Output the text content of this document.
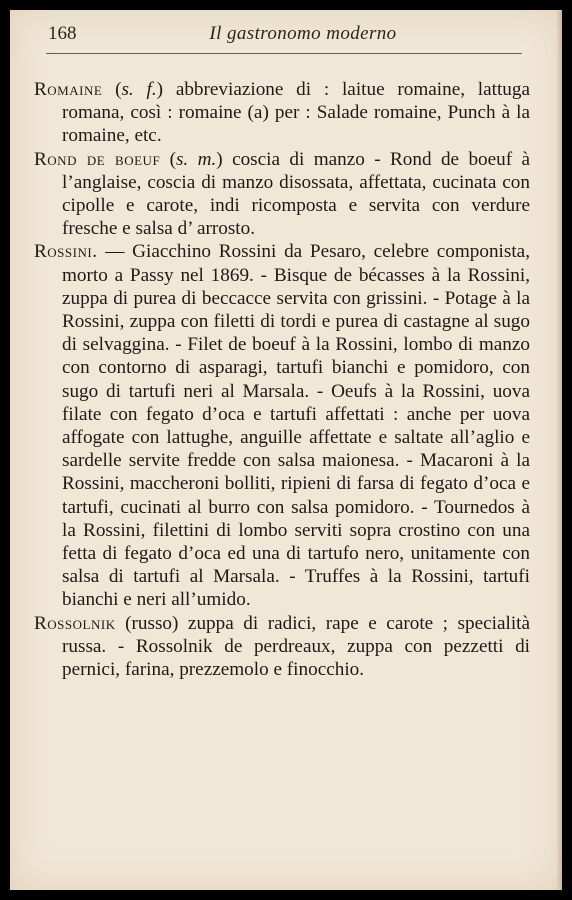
168	Il gastronomo moderno

Romaine (s. f.) abbreviazione di : laitue romaine, lattuga romana, così : romaine (a) per : Salade romaine, Punch à la romaine, etc.

Rond de boeuf (s. m.) coscia di manzo - Rond de boeuf à l’anglaise, coscia di manzo disossata, affettata, cucinata con cipolle e carote, indi ricomposta e servita con verdure fresche e salsa d’ arrosto.

Rossini. — Giacchino Rossini da Pesaro, celebre componista, morto a Passy nel 1869. - Bisque de bécasses à la Rossini, zuppa di purea di beccacce servita con grissini. - Potage à la Rossini, zuppa con filetti di tordi e purea di castagne al sugo di selvaggina. - Filet de boeuf à la Rossini, lombo di manzo con contorno di asparagi, tartufi bianchi e pomidoro, con sugo di tartufi neri al Marsala. - Oeufs à la Rossini, uova filate con fegato d’oca e tartufi affettati : anche per uova affogate con lattughe, anguille affettate e saltate all’aglio e sardelle servite fredde con salsa maionesa. - Macaroni à la Rossini, maccheroni bolliti, ripieni di farsa di fegato d’oca e tartufi, cucinati al burro con salsa pomidoro. - Tournedos à la Rossini, filettini di lombo serviti sopra crostino con una fetta di fegato d’oca ed una di tartufo nero, unitamente con salsa di tartufi al Marsala. - Truffes à la Rossini, tartufi bianchi e neri all’umido.

Rossolnik (russo) zuppa di radici, rape e carote ; specialità russa. - Rossolnik de perdreaux, zuppa con pezzetti di pernici, farina, prezzemolo e finocchio.
